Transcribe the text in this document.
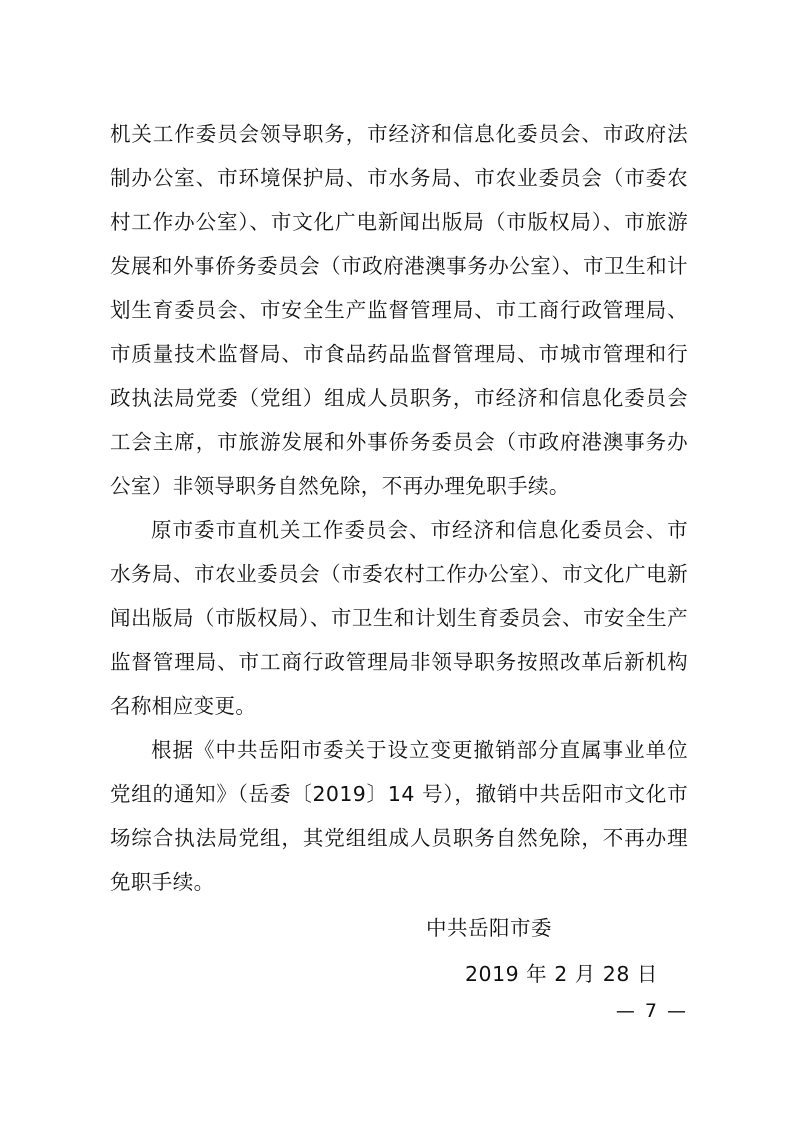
机关工作委员会领导职务，市经济和信息化委员会、市政府法制办公室、市环境保护局、市水务局、市农业委员会（市委农村工作办公室）、市文化广电新闻出版局（市版权局）、市旅游发展和外事侨务委员会（市政府港澳事务办公室）、市卫生和计划生育委员会、市安全生产监督管理局、市工商行政管理局、市质量技术监督局、市食品药品监督管理局、市城市管理和行政执法局党委（党组）组成人员职务，市经济和信息化委员会工会主席，市旅游发展和外事侨务委员会（市政府港澳事务办公室）非领导职务自然免除，不再办理免职手续。

原市委市直机关工作委员会、市经济和信息化委员会、市水务局、市农业委员会（市委农村工作办公室）、市文化广电新闻出版局（市版权局）、市卫生和计划生育委员会、市安全生产监督管理局、市工商行政管理局非领导职务按照改革后新机构名称相应变更。

根据《中共岳阳市委关于设立变更撤销部分直属事业单位党组的通知》（岳委〔2019〕14 号），撤销中共岳阳市文化市场综合执法局党组，其党组组成人员职务自然免除，不再办理免职手续。

中共岳阳市委
2019 年 2 月 28 日
— 7 —
